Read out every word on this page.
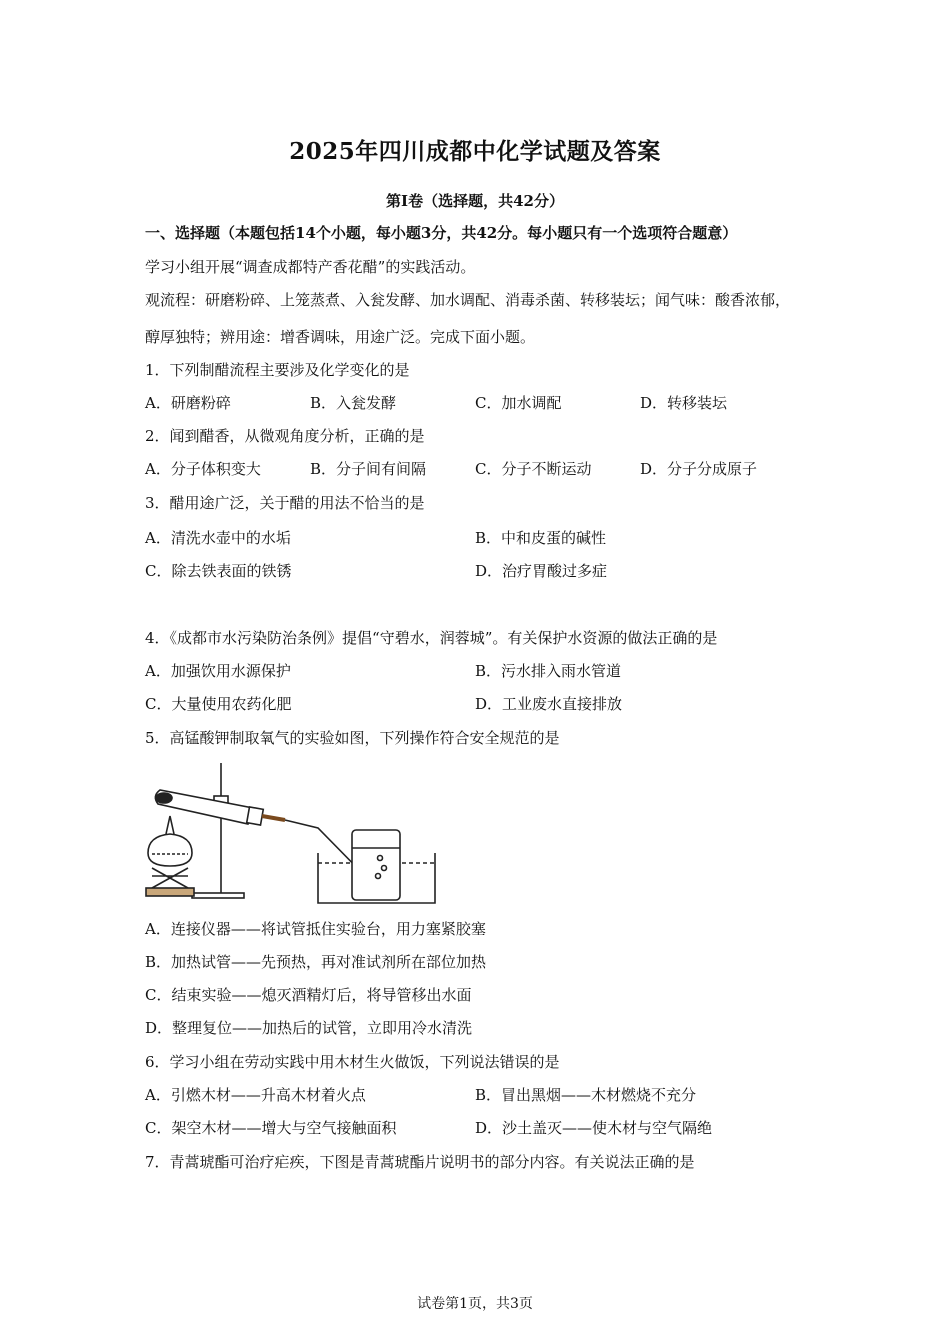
2025年四川成都中化学试题及答案
第Ⅰ卷（选择题，共42分）
一、选择题（本题包括14个小题，每小题3分，共42分。每小题只有一个选项符合题意）
学习小组开展“调查成都特产香花醋”的实践活动。
观流程：研磨粉碎、上笼蒸煮、入瓮发酵、加水调配、消毒杀菌、转移装坛；闻气味：酸香浓郁，
醇厚独特；辨用途：增香调味，用途广泛。完成下面小题。
1．下列制醋流程主要涉及化学变化的是
A．研磨粉碎	B．入瓮发酵	C．加水调配	D．转移装坛
2．闻到醋香，从微观角度分析，正确的是
A．分子体积变大	B．分子间有间隔	C．分子不断运动	D．分子分成原子
3．醋用途广泛，关于醋的用法不恰当的是
A．清洗水壶中的水垢	B．中和皮蛋的碱性
C．除去铁表面的铁锈	D．治疗胃酸过多症
4．《成都市水污染防治条例》提倡“守碧水，润蓉城”。有关保护水资源的做法正确的是
A．加强饮用水源保护	B．污水排入雨水管道
C．大量使用农药化肥	D．工业废水直接排放
5．高锰酸钾制取氧气的实验如图，下列操作符合安全规范的是
A．连接仪器——将试管抵住实验台，用力塞紧胶塞
B．加热试管——先预热，再对准试剂所在部位加热
C．结束实验——熄灭酒精灯后，将导管移出水面
D．整理复位——加热后的试管，立即用冷水清洗
6．学习小组在劳动实践中用木材生火做饭，下列说法错误的是
A．引燃木材——升高木材着火点	B．冒出黑烟——木材燃烧不充分
C．架空木材——增大与空气接触面积	D．沙土盖灭——使木材与空气隔绝
7．青蒿琥酯可治疗疟疾，下图是青蒿琥酯片说明书的部分内容。有关说法正确的是
试卷第1页，共3页
